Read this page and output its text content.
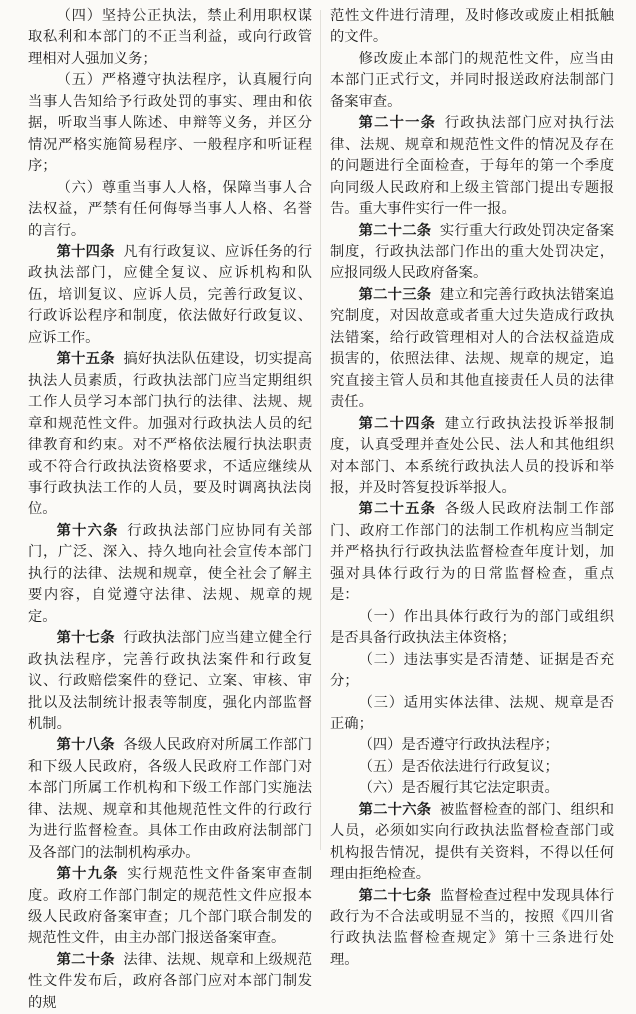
（四）坚持公正执法，禁止利用职权谋取私利和本部门的不正当利益，或向行政管理相对人强加义务；

（五）严格遵守执法程序，认真履行向当事人告知给予行政处罚的事实、理由和依据，听取当事人陈述、申辩等义务，并区分情况严格实施简易程序、一般程序和听证程序；

（六）尊重当事人人格，保障当事人合法权益，严禁有任何侮辱当事人人格、名誉的言行。

第十四条 凡有行政复议、应诉任务的行政执法部门，应健全复议、应诉机构和队伍，培训复议、应诉人员，完善行政复议、行政诉讼程序和制度，依法做好行政复议、应诉工作。

第十五条 搞好执法队伍建设，切实提高执法人员素质，行政执法部门应当定期组织工作人员学习本部门执行的法律、法规、规章和规范性文件。加强对行政执法人员的纪律教育和约束。对不严格依法履行执法职责或不符合行政执法资格要求，不适应继续从事行政执法工作的人员，要及时调离执法岗位。

第十六条 行政执法部门应协同有关部门，广泛、深入、持久地向社会宣传本部门执行的法律、法规和规章，使全社会了解主要内容，自觉遵守法律、法规、规章的规定。

第十七条 行政执法部门应当建立健全行政执法程序，完善行政执法案件和行政复议、行政赔偿案件的登记、立案、审核、审批以及法制统计报表等制度，强化内部监督机制。

第十八条 各级人民政府对所属工作部门和下级人民政府，各级人民政府工作部门对本部门所属工作机构和下级工作部门实施法律、法规、规章和其他规范性文件的行政行为进行监督检查。具体工作由政府法制部门及各部门的法制机构承办。

第十九条 实行规范性文件备案审查制度。政府工作部门制定的规范性文件应报本级人民政府备案审查；几个部门联合制发的规范性文件，由主办部门报送备案审查。

第二十条 法律、法规、规章和上级规范性文件发布后，政府各部门应对本部门制发的规

范性文件进行清理，及时修改或废止相抵触的文件。

修改废止本部门的规范性文件，应当由本部门正式行文，并同时报送政府法制部门备案审查。

第二十一条 行政执法部门应对执行法律、法规、规章和规范性文件的情况及存在的问题进行全面检查，于每年的第一个季度向同级人民政府和上级主管部门提出专题报告。重大事件实行一件一报。

第二十二条 实行重大行政处罚决定备案制度，行政执法部门作出的重大处罚决定，应报同级人民政府备案。

第二十三条 建立和完善行政执法错案追究制度，对因故意或者重大过失造成行政执法错案，给行政管理相对人的合法权益造成损害的，依照法律、法规、规章的规定，追究直接主管人员和其他直接责任人员的法律责任。

第二十四条 建立行政执法投诉举报制度，认真受理并查处公民、法人和其他组织对本部门、本系统行政执法人员的投诉和举报，并及时答复投诉举报人。

第二十五条 各级人民政府法制工作部门、政府工作部门的法制工作机构应当制定并严格执行行政执法监督检查年度计划，加强对具体行政行为的日常监督检查，重点是：

（一）作出具体行政行为的部门或组织是否具备行政执法主体资格；

（二）违法事实是否清楚、证据是否充分；

（三）适用实体法律、法规、规章是否正确；

（四）是否遵守行政执法程序；

（五）是否依法进行行政复议；

（六）是否履行其它法定职责。

第二十六条 被监督检查的部门、组织和人员，必须如实向行政执法监督检查部门或机构报告情况，提供有关资料，不得以任何理由拒绝检查。

第二十七条 监督检查过程中发现具体行政行为不合法或明显不当的，按照《四川省行政执法监督检查规定》第十三条进行处理。
